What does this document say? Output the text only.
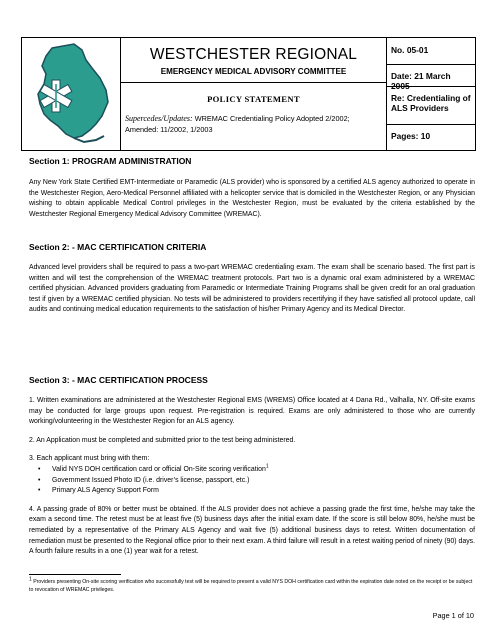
WESTCHESTER REGIONAL
EMERGENCY MEDICAL ADVISORY COMMITTEE
POLICY STATEMENT
Supercedes/Updates: WREMAC Credentialing Policy Adopted 2/2002; Amended: 11/2002, 1/2003
No. 05-01
Date: 21 March 2005
Re: Credentialing of ALS Providers
Pages: 10
Section 1: PROGRAM ADMINISTRATION
Any New York State Certified EMT-Intermediate or Paramedic (ALS provider) who is sponsored by a certified ALS agency authorized to operate in the Westchester Region, Aero-Medical Personnel affiliated with a helicopter service that is domiciled in the Westchester Region, or any Physician wishing to obtain applicable Medical Control privileges in the Westchester Region, must be evaluated by the criteria established by the Westchester Regional Emergency Medical Advisory Committee (WREMAC).
Section 2: - MAC CERTIFICATION CRITERIA
Advanced level providers shall be required to pass a two-part WREMAC credentialing exam. The exam shall be scenario based. The first part is written and will test the comprehension of the WREMAC treatment protocols. Part two is a dynamic oral exam administered by a WREMAC certified physician. Advanced providers graduating from Paramedic or Intermediate Training Programs shall be given credit for an oral graduation test if given by a WREMAC certified physician. No tests will be administered to providers recertifying if they have satisfied all protocol update, call audits and continuing medical education requirements to the satisfaction of his/her Primary Agency and its Medical Director.
Section 3: - MAC CERTIFICATION PROCESS
1. Written examinations are administered at the Westchester Regional EMS (WREMS) Office located at 4 Dana Rd., Valhalla, NY. Off-site exams may be conducted for large groups upon request. Pre-registration is required. Exams are only administered to those who are currently working/volunteering in the Westchester Region for an ALS agency.
2. An Application must be completed and submitted prior to the test being administered.
3. Each applicant must bring with them:
•	Valid NYS DOH certification card or official On-Site scoring verification$^1$
•	Government Issued Photo ID (i.e. driver’s license, passport, etc.)
•	Primary ALS Agency Support Form
4. A passing grade of 80% or better must be obtained. If the ALS provider does not achieve a passing grade the first time, he/she may take the exam a second time. The retest must be at least five (5) business days after the initial exam date. If the score is still below 80%, he/she must be remediated by a representative of the Primary ALS Agency and wait five (5) additional business days to retest. Written documentation of remediation must be presented to the Regional office prior to their next exam. A third failure will result in a retest waiting period of ninety (90) days. A fourth failure results in a one (1) year wait for a retest.
$^1$ Providers presenting On-site scoring verification who successfully test will be required to present a valid NYS DOH certification card within the expiration date noted on the receipt or be subject to revocation of WREMAC privileges.
Page 1 of 10
